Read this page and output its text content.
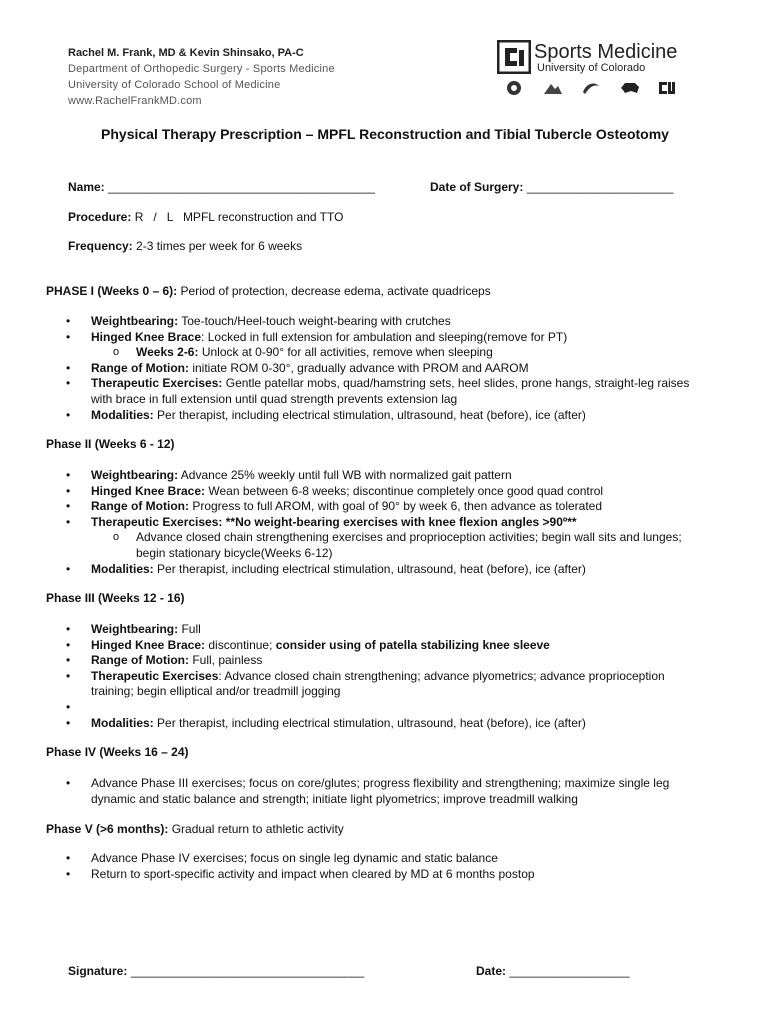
Rachel M. Frank, MD & Kevin Shinsako, PA-C
Department of Orthopedic Surgery - Sports Medicine
University of Colorado School of Medicine
www.RachelFrankMD.com
Sports Medicine
University of Colorado
Physical Therapy Prescription – MPFL Reconstruction and Tibial Tubercle Osteotomy
Name: ________________________________________	Date of Surgery: ______________________
Procedure: R   /   L   MPFL reconstruction and TTO
Frequency: 2-3 times per week for 6 weeks
PHASE I (Weeks 0 – 6): Period of protection, decrease edema, activate quadriceps
• Weightbearing: Toe-touch/Heel-touch weight-bearing with crutches
• Hinged Knee Brace: Locked in full extension for ambulation and sleeping(remove for PT)
o Weeks 2-6: Unlock at 0-90° for all activities, remove when sleeping
• Range of Motion: initiate ROM 0-30°, gradually advance with PROM and AAROM
• Therapeutic Exercises: Gentle patellar mobs, quad/hamstring sets, heel slides, prone hangs, straight-leg raises with brace in full extension until quad strength prevents extension lag
• Modalities: Per therapist, including electrical stimulation, ultrasound, heat (before), ice (after)
Phase II (Weeks 6 - 12)
• Weightbearing: Advance 25% weekly until full WB with normalized gait pattern
• Hinged Knee Brace: Wean between 6-8 weeks; discontinue completely once good quad control
• Range of Motion: Progress to full AROM, with goal of 90° by week 6, then advance as tolerated
• Therapeutic Exercises: **No weight-bearing exercises with knee flexion angles >90º**
o Advance closed chain strengthening exercises and proprioception activities; begin wall sits and lunges; begin stationary bicycle(Weeks 6-12)
• Modalities: Per therapist, including electrical stimulation, ultrasound, heat (before), ice (after)
Phase III (Weeks 12 - 16)
• Weightbearing: Full
• Hinged Knee Brace: discontinue; consider using of patella stabilizing knee sleeve
• Range of Motion: Full, painless
• Therapeutic Exercises: Advance closed chain strengthening; advance plyometrics; advance proprioception training; begin elliptical and/or treadmill jogging
•
• Modalities: Per therapist, including electrical stimulation, ultrasound, heat (before), ice (after)
Phase IV (Weeks 16 – 24)
• Advance Phase III exercises; focus on core/glutes; progress flexibility and strengthening; maximize single leg dynamic and static balance and strength; initiate light plyometrics; improve treadmill walking
Phase V (>6 months): Gradual return to athletic activity
• Advance Phase IV exercises; focus on single leg dynamic and static balance
• Return to sport-specific activity and impact when cleared by MD at 6 months postop
Signature: ___________________________________	Date: __________________
